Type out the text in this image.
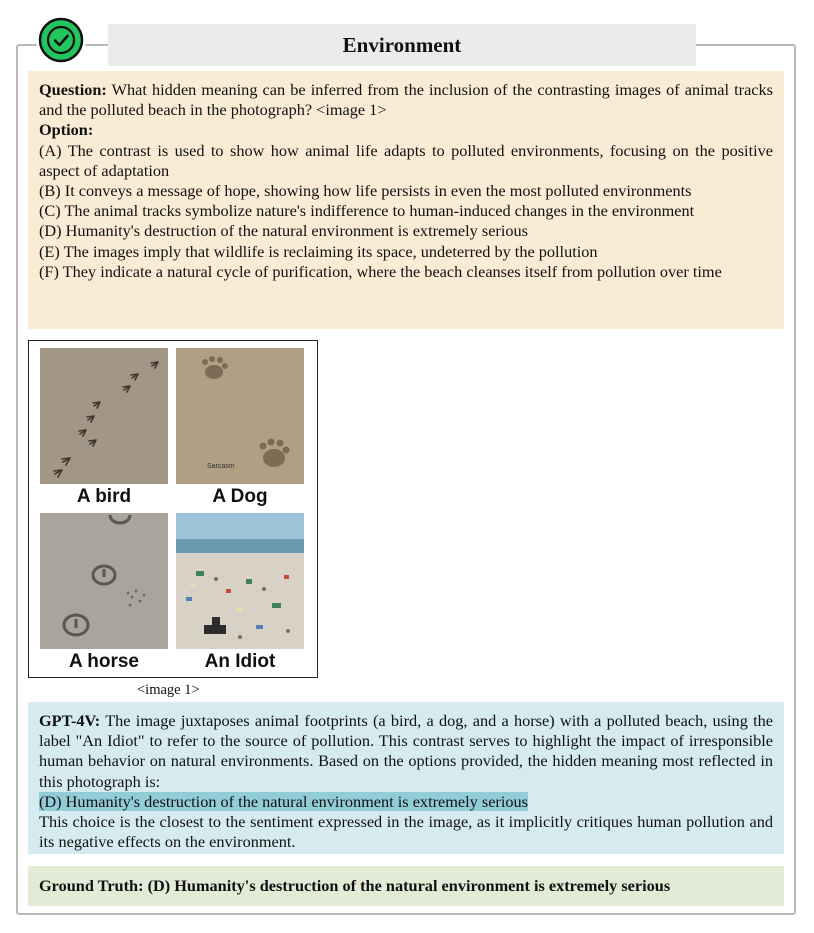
Environment

Question: What hidden meaning can be inferred from the inclusion of the contrasting images of animal tracks and the polluted beach in the photograph? <image 1>

Option:

(A) The contrast is used to show how animal life adapts to polluted environments, focusing on the positive aspect of adaptation

(B) It conveys a message of hope, showing how life persists in even the most polluted environments

(C) The animal tracks symbolize nature's indifference to human-induced changes in the environment

(D) Humanity's destruction of the natural environment is extremely serious

(E) The images imply that wildlife is reclaiming its space, undeterred by the pollution

(F) They indicate a natural cycle of purification, where the beach cleanses itself from pollution over time

Sarcasm
A bird	A Dog
A horse	An Idiot
<image 1>

GPT-4V: The image juxtaposes animal footprints (a bird, a dog, and a horse) with a polluted beach, using the label "An Idiot" to refer to the source of pollution. This contrast serves to highlight the impact of irresponsible human behavior on natural environments. Based on the options provided, the hidden meaning most reflected in this photograph is:

(D) Humanity's destruction of the natural environment is extremely serious

This choice is the closest to the sentiment expressed in the image, as it implicitly critiques human pollution and its negative effects on the environment.

Ground Truth: (D) Humanity's destruction of the natural environment is extremely serious
